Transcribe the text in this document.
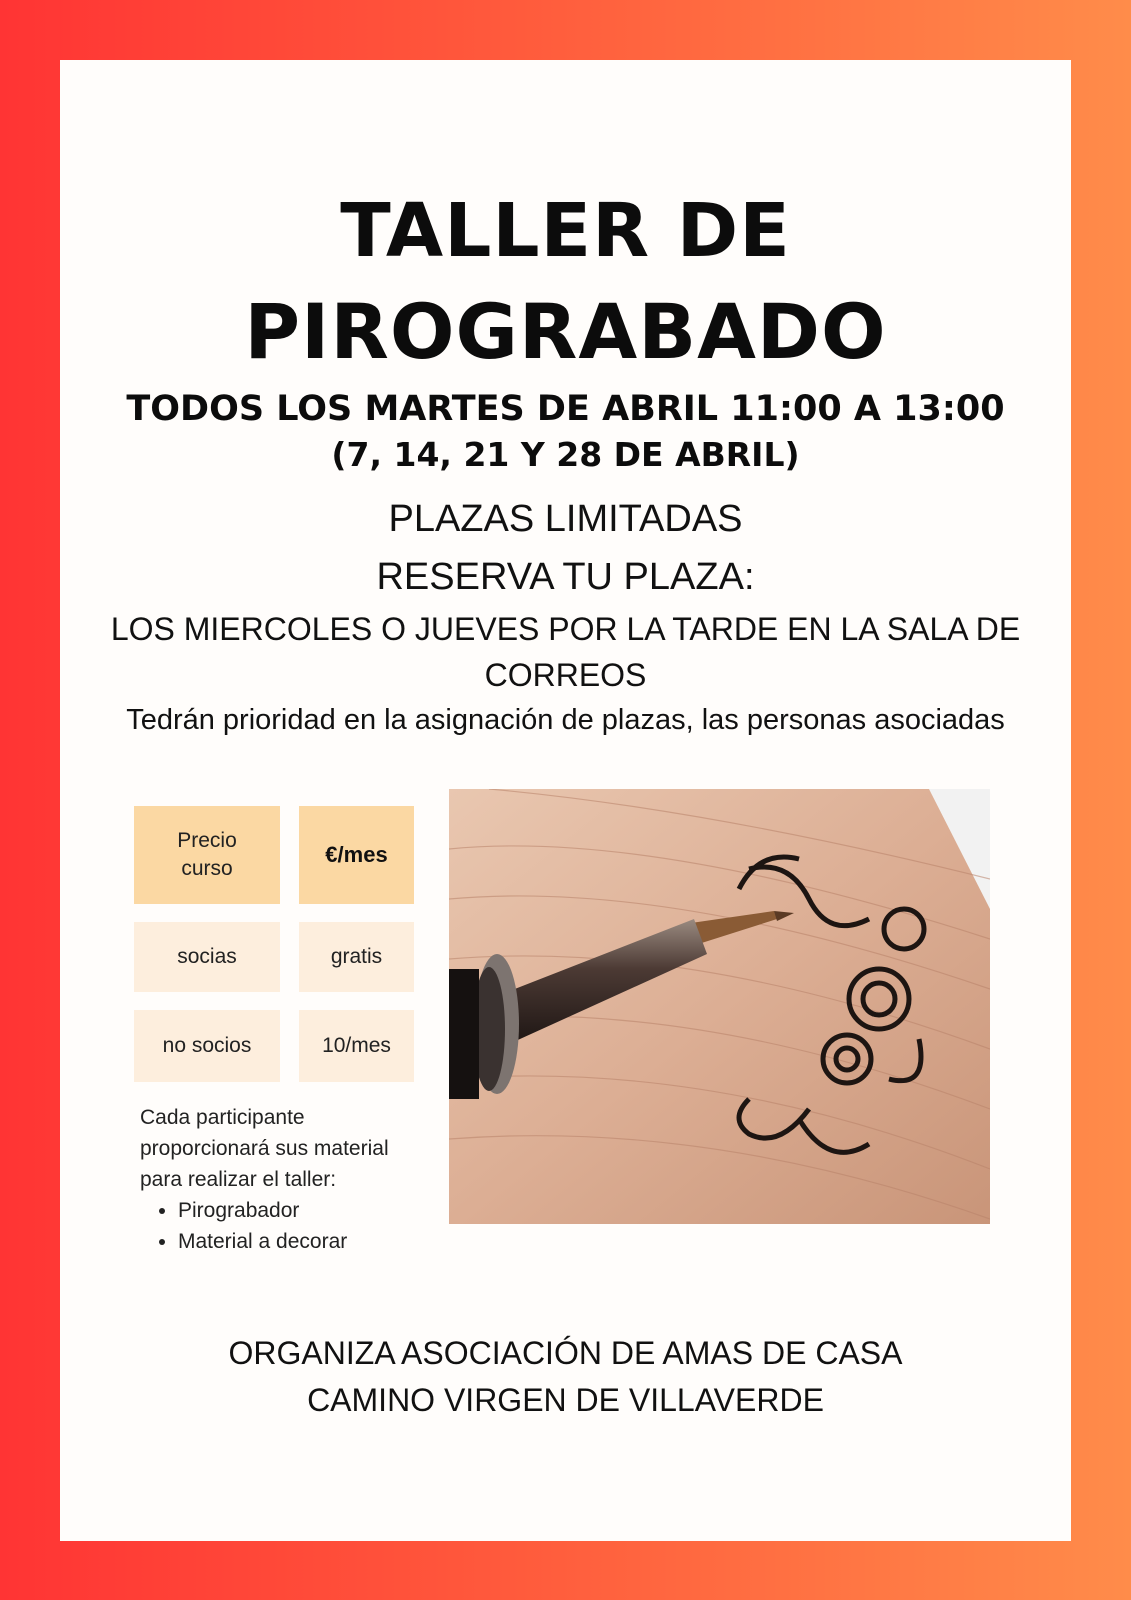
TALLER DE
PIROGRABADO
TODOS LOS MARTES DE ABRIL 11:00 A 13:00
(7, 14, 21 Y 28 DE ABRIL)
PLAZAS LIMITADAS
RESERVA TU PLAZA:
LOS MIERCOLES O JUEVES POR LA TARDE EN LA SALA DE CORREOS
Tedrán prioridad en la asignación de plazas, las personas asociadas
Precio curso
€/mes
socias	gratis
no socios	10/mes
Cada participante proporcionará sus material para realizar el taller:
• Pirograbador
• Material a decorar
ORGANIZA ASOCIACIÓN DE AMAS DE CASA
CAMINO VIRGEN DE VILLAVERDE
